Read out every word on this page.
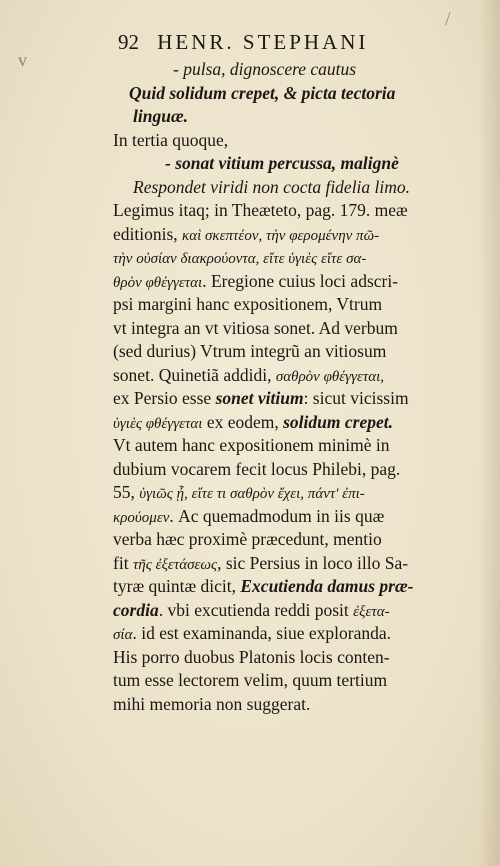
v
/
92 HENR. STEPHANI
- pulsa, dignoscere cautus
Quid solidum crepet, & picta tectoria
linguæ.
In tertia quoque,
- sonat vitium percussa, malignè
Respondet viridi non cocta fidelia limo.
Legimus itaq; in Theæteto, pag. 179. meæ
editionis, καὶ σκεπτέον, τὴν φερομένην πῶ-
τὴν οὐσίαν διακρούοντα, εἴτε ὑγιὲς εἴτε σα-
θρὸν φθέγγεται. Eregione cuius loci adscri-
psi margini hanc expositionem, Vtrum
vt integra an vt vitiosa sonet. Ad verbum
(sed durius) Vtrum integrũ an vitiosum
sonet. Quinetiã addidi, σαθρὸν φθέγγεται,
ex Persio esse sonet vitium: sicut vicissim
ὑγιὲς φθέγγεται ex eodem, solidum crepet.
Vt autem hanc expositionem minimè in
dubium vocarem fecit locus Philebi, pag.
55, ὑγιῶς ᾖ, εἴτε τι σαθρὸν ἔχει, πάντ' ἐπι-
κρούομεν. Ac quemadmodum in iis quæ
verba hæc proximè præcedunt, mentio
fit τῆς ἐξετάσεως, sic Persius in loco illo Sa-
tyræ quintæ dicit, Excutienda damus præ-
cordia. vbi excutienda reddi posit ἐξετα-
σία. id est examinanda, siue exploranda.
His porro duobus Platonis locis conten-
tum esse lectorem velim, quum tertium
mihi memoria non suggerat.
